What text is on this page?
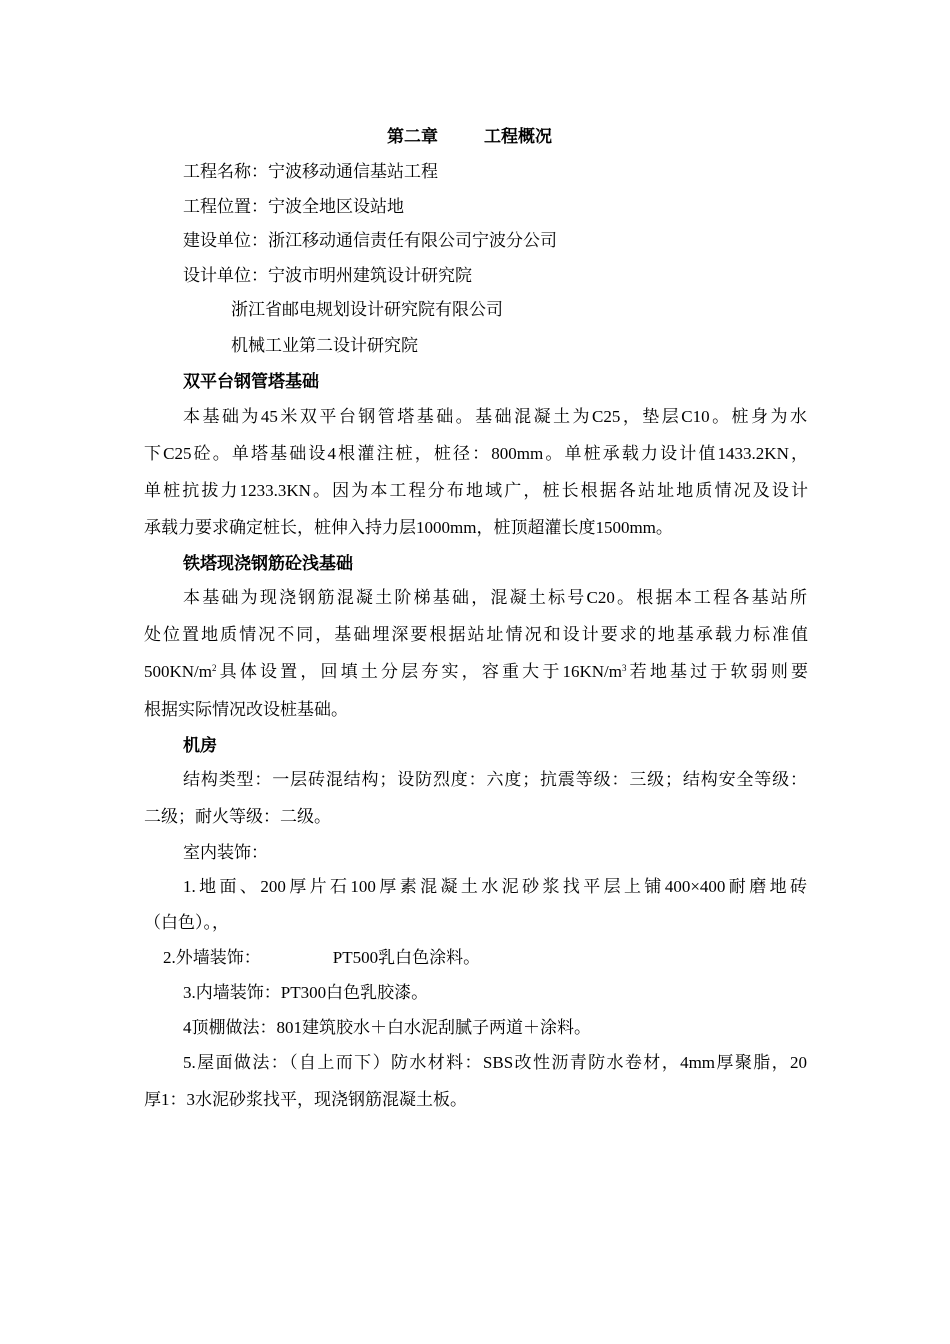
第二章	工程概况
工程名称：宁波移动通信基站工程
工程位置：宁波全地区设站地
建设单位：浙江移动通信责任有限公司宁波分公司
设计单位：宁波市明州建筑设计研究院
浙江省邮电规划设计研究院有限公司
机械工业第二设计研究院
双平台钢管塔基础
本基础为45米双平台钢管塔基础。基础混凝土为C25，垫层C10。桩身为水
下C25砼。单塔基础设4根灌注桩，桩径：800mm。单桩承载力设计值1433.2KN，
单桩抗拔力1233.3KN。因为本工程分布地域广，桩长根据各站址地质情况及设计
承载力要求确定桩长，桩伸入持力层1000mm，桩顶超灌长度1500mm。
铁塔现浇钢筋砼浅基础
本基础为现浇钢筋混凝土阶梯基础，混凝土标号C20。根据本工程各基站所
处位置地质情况不同，基础埋深要根据站址情况和设计要求的地基承载力标准值
$500KN/m^2$具体设置，回填土分层夯实，容重大于$16KN/m^3$若地基过于软弱则要
根据实际情况改设桩基础。
机房
结构类型：一层砖混结构；设防烈度：六度；抗震等级：三级；结构安全等级：
二级；耐火等级：二级。
室内装饰：
1.地面、200厚片石100厚素混凝土水泥砂浆找平层上铺400×400耐磨地砖
（白色）。，
2.外墙装饰：	PT500乳白色涂料。
3.内墙装饰：PT300白色乳胶漆。
4顶棚做法：801建筑胶水＋白水泥刮腻子两道＋涂料。
5.屋面做法：（自上而下）防水材料：SBS改性沥青防水卷材，4mm厚聚脂，20
厚1：3水泥砂浆找平，现浇钢筋混凝土板。
